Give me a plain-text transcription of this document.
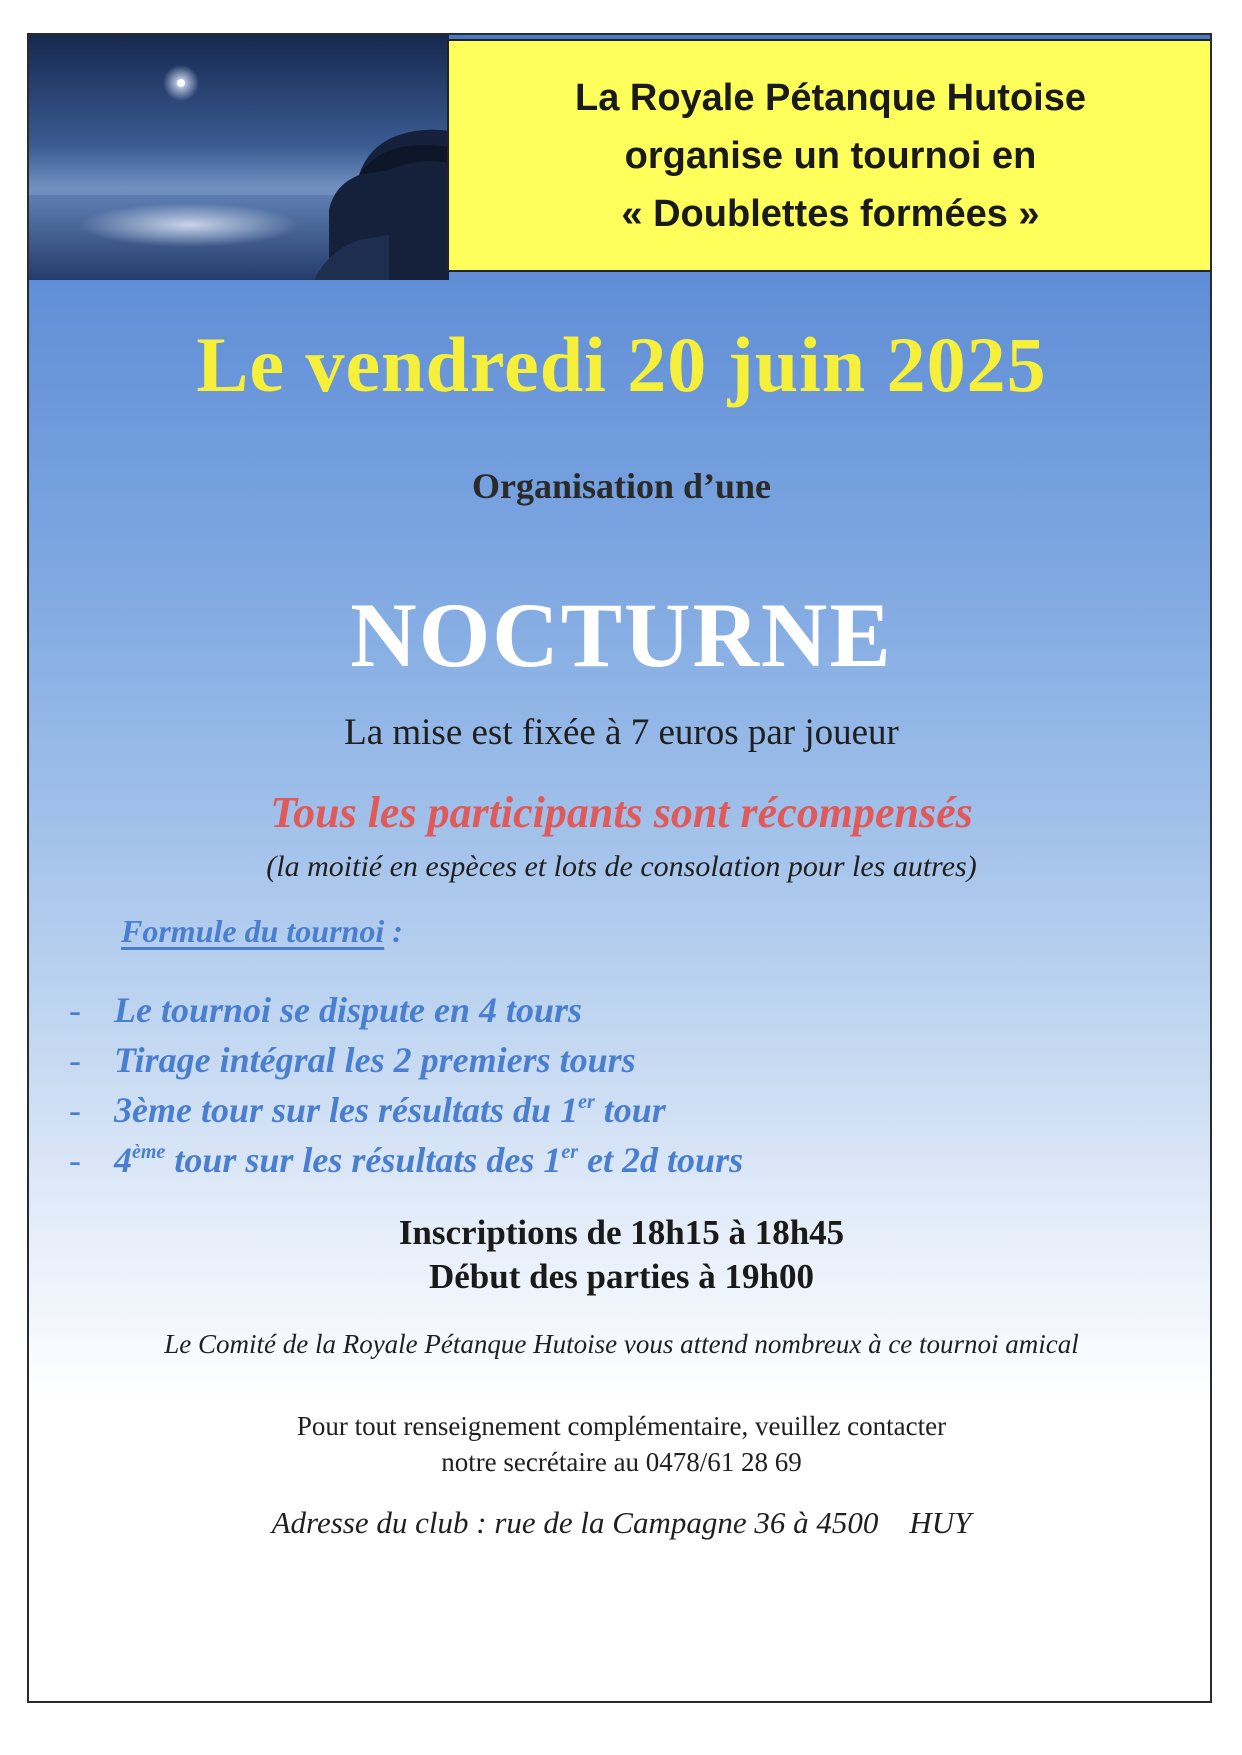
La Royale Pétanque Hutoise
organise un tournoi en
« Doublettes formées »
Le vendredi 20 juin 2025
Organisation d’une
NOCTURNE
La mise est fixée à 7 euros par joueur
Tous les participants sont récompensés
(la moitié en espèces et lots de consolation pour les autres)
Formule du tournoi :
- Le tournoi se dispute en 4 tours
- Tirage intégral les 2 premiers tours
- 3ème tour sur les résultats du 1er tour
- 4ème tour sur les résultats des 1er et 2d tours
Inscriptions de 18h15 à 18h45
Début des parties à 19h00
Le Comité de la Royale Pétanque Hutoise vous attend nombreux à ce tournoi amical
Pour tout renseignement complémentaire, veuillez contacter
notre secrétaire au 0478/61 28 69
Adresse du club : rue de la Campagne 36 à 4500    HUY
